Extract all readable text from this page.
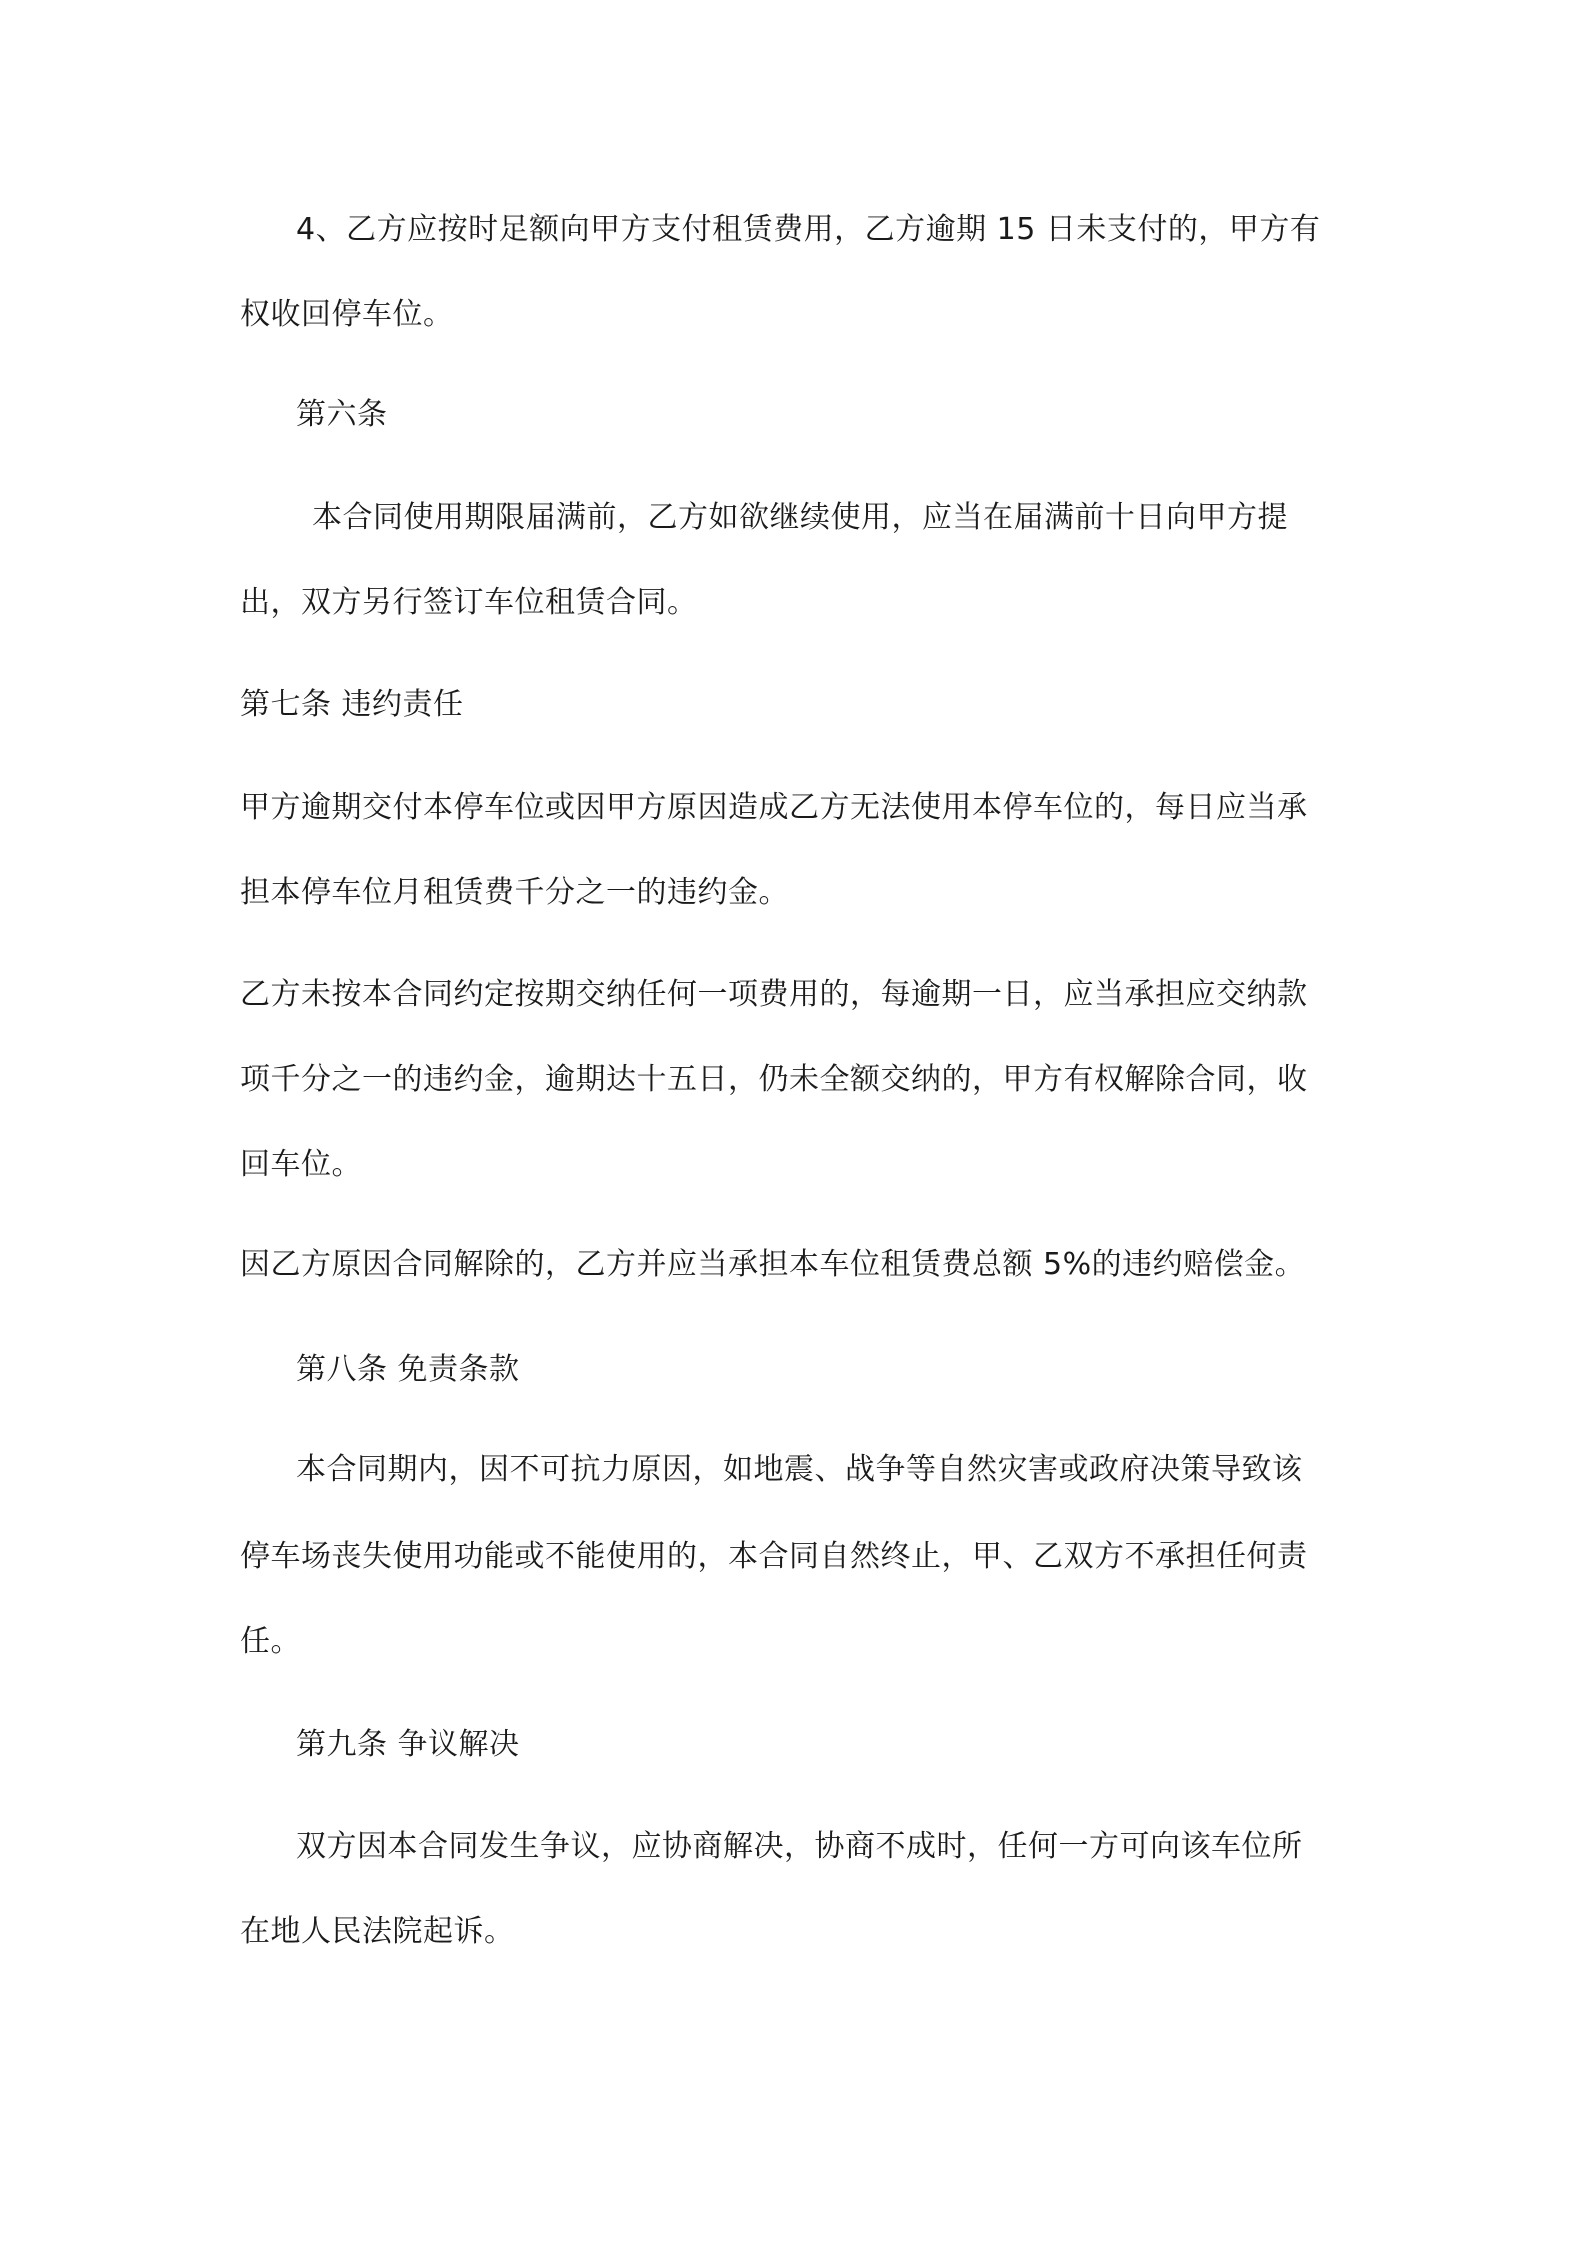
4、乙方应按时足额向甲方支付租赁费用，乙方逾期 15 日未支付的，甲方有

权收回停车位。

第六条

本合同使用期限届满前，乙方如欲继续使用，应当在届满前十日向甲方提

出，双方另行签订车位租赁合同。

第七条 违约责任

甲方逾期交付本停车位或因甲方原因造成乙方无法使用本停车位的，每日应当承

担本停车位月租赁费千分之一的违约金。

乙方未按本合同约定按期交纳任何一项费用的，每逾期一日，应当承担应交纳款

项千分之一的违约金，逾期达十五日，仍未全额交纳的，甲方有权解除合同，收

回车位。

因乙方原因合同解除的，乙方并应当承担本车位租赁费总额 5%的违约赔偿金。

第八条 免责条款

本合同期内，因不可抗力原因，如地震、战争等自然灾害或政府决策导致该

停车场丧失使用功能或不能使用的，本合同自然终止，甲、乙双方不承担任何责

任。

第九条 争议解决

双方因本合同发生争议，应协商解决，协商不成时，任何一方可向该车位所

在地人民法院起诉。
